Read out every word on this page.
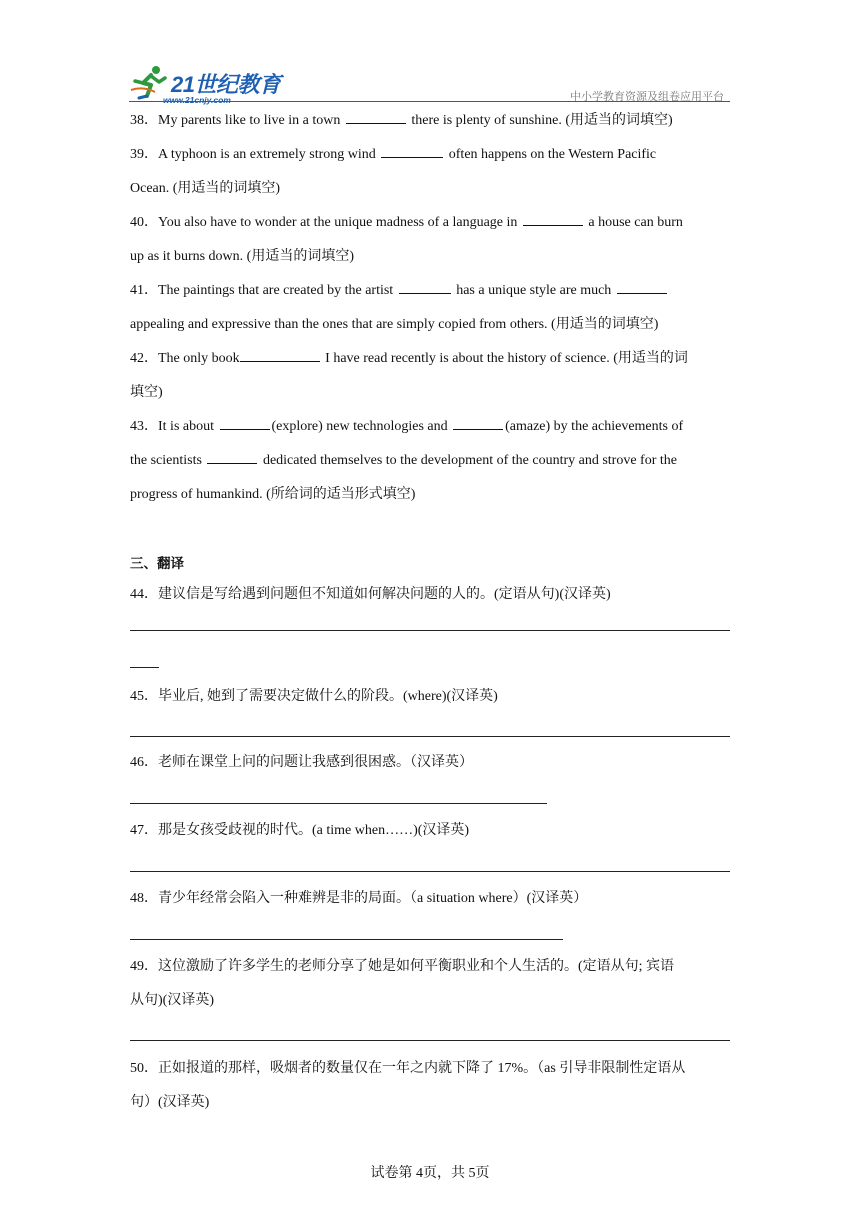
21世纪教育
www.21cnjy.com	中小学教育资源及组卷应用平台
38．My parents like to live in a town	there is plenty of sunshine. (用适当的词填空)
39．A typhoon is an extremely strong wind	often happens on the Western Pacific
Ocean. (用适当的词填空)
40．You also have to wonder at the unique madness of a language in	a house can burn
up as it burns down. (用适当的词填空)
41．The paintings that are created by the artist	has a unique style are much
appealing and expressive than the ones that are simply copied from others. (用适当的词填空)
42．The only book	I have read recently is about the history of science. (用适当的词
填空)
43．It is about	(explore) new technologies and	(amaze) by the achievements of
the scientists	dedicated themselves to the development of the country and strove for the
progress of humankind. (所给词的适当形式填空)
三、翻译
44．建议信是写给遇到问题但不知道如何解决问题的人的。(定语从句)(汉译英)
45．毕业后, 她到了需要决定做什么的阶段。(where)(汉译英)
46．老师在课堂上问的问题让我感到很困惑。（汉译英）
47．那是女孩受歧视的时代。(a time when……)(汉译英)
48．青少年经常会陷入一种难辨是非的局面。（a situation where）(汉译英）
49．这位激励了许多学生的老师分享了她是如何平衡职业和个人生活的。(定语从句; 宾语
从句)(汉译英)
50．正如报道的那样，吸烟者的数量仅在一年之内就下降了 17%。（as 引导非限制性定语从
句）(汉译英)
试卷第 4页，共 5页
